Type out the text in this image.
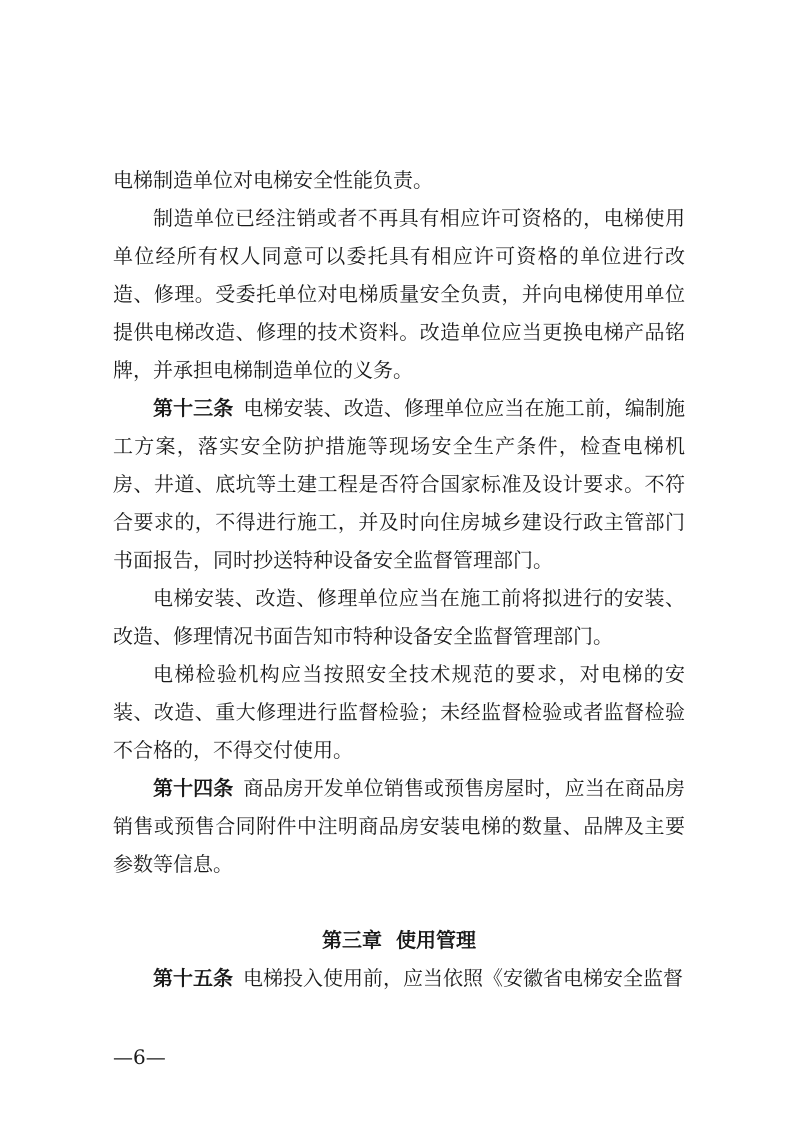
电梯制造单位对电梯安全性能负责。

制造单位已经注销或者不再具有相应许可资格的，电梯使用单位经所有权人同意可以委托具有相应许可资格的单位进行改造、修理。受委托单位对电梯质量安全负责，并向电梯使用单位提供电梯改造、修理的技术资料。改造单位应当更换电梯产品铭牌，并承担电梯制造单位的义务。

第十三条 电梯安装、改造、修理单位应当在施工前，编制施工方案，落实安全防护措施等现场安全生产条件，检查电梯机房、井道、底坑等土建工程是否符合国家标准及设计要求。不符合要求的，不得进行施工，并及时向住房城乡建设行政主管部门书面报告，同时抄送特种设备安全监督管理部门。

电梯安装、改造、修理单位应当在施工前将拟进行的安装、改造、修理情况书面告知市特种设备安全监督管理部门。

电梯检验机构应当按照安全技术规范的要求，对电梯的安装、改造、重大修理进行监督检验；未经监督检验或者监督检验不合格的，不得交付使用。

第十四条 商品房开发单位销售或预售房屋时，应当在商品房销售或预售合同附件中注明商品房安装电梯的数量、品牌及主要参数等信息。

第三章  使用管理

第十五条 电梯投入使用前，应当依照《安徽省电梯安全监督

—6—
